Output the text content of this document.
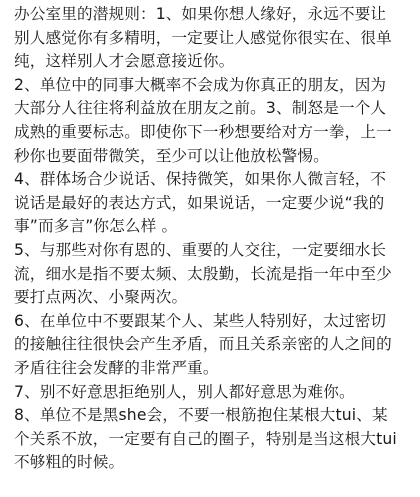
办公室里的潜规则：1、如果你想人缘好，永远不要让
别人感觉你有多精明，一定要让人感觉你很实在、很单
纯，这样别人才会愿意接近你。
2、单位中的同事大概率不会成为你真正的朋友，因为
大部分人往往将利益放在朋友之前。3、制怒是一个人
成熟的重要标志。即使你下一秒想要给对方一拳，上一
秒你也要面带微笑，至少可以让他放松警惕。
4、群体场合少说话、保持微笑，如果你人微言轻，不
说话是最好的表达方式，如果说话，一定要少说“我的
事”而多言”你怎么样 。
5、与那些对你有恩的、重要的人交往，一定要细水长
流，细水是指不要太频、太殷勤，长流是指一年中至少
要打点两次、小聚两次。
6、在单位中不要跟某个人、某些人特别好，太过密切
的接触往往很快会产生矛盾，而且关系亲密的人之间的
矛盾往往会发酵的非常严重。
7、别不好意思拒绝别人，别人都好意思为难你。
8、单位不是黑she会，不要一根筋抱住某根大tui、某
个关系不放，一定要有自己的圈子，特别是当这根大tui
不够粗的时候。
